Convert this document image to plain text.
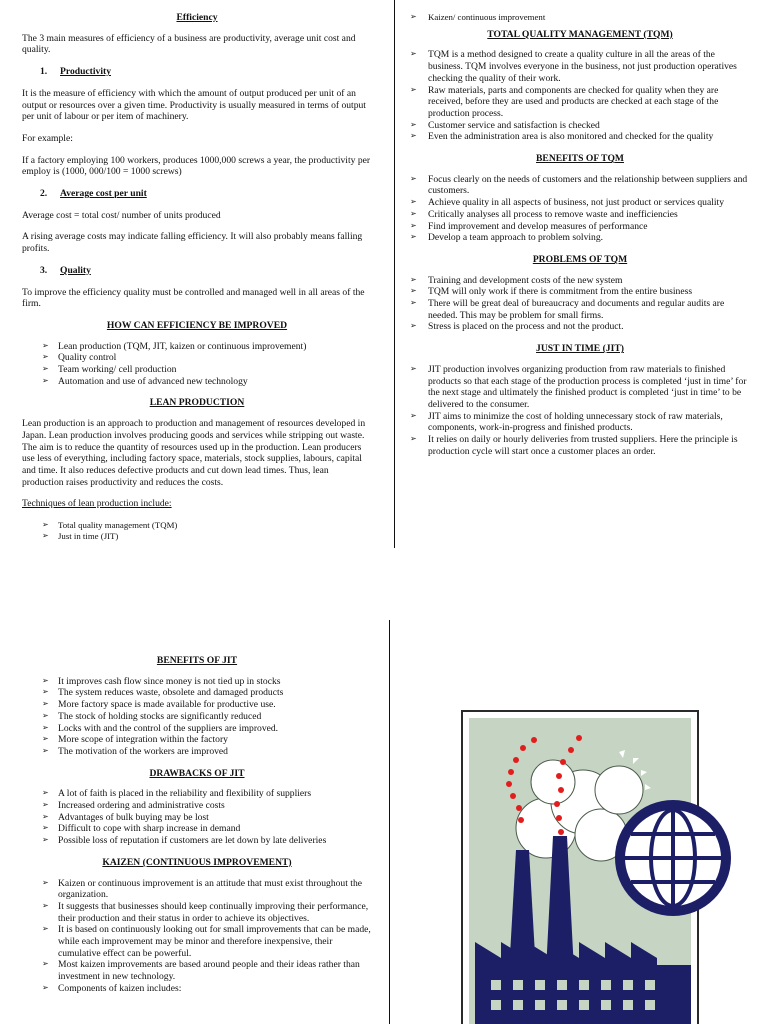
Efficiency

The 3 main measures of efficiency of a business are productivity, average unit cost and quality.

1. Productivity

It is the measure of efficiency with which the amount of output produced per unit of an output or resources over a given time. Productivity is usually measured in terms of output per unit of labour or per item of machinery.

For example:

If a factory employing 100 workers, produces 1000,000 screws a year, the productivity per employ is (1000, 000/100 = 1000 screws)

2. Average cost per unit

Average cost = total cost/ number of units produced

A rising average costs may indicate falling efficiency. It will also probably means falling profits.

3. Quality

To improve the efficiency quality must be controlled and managed well in all areas of the firm.

HOW CAN EFFICIENCY BE IMPROVED
➢ Lean production (TQM, JIT, kaizen or continuous improvement)
➢ Quality control
➢ Team working/ cell production
➢ Automation and use of advanced new technology
LEAN PRODUCTION

Lean production is an approach to production and management of resources developed in Japan. Lean production involves producing goods and services while stripping out waste. The aim is to reduce the quantity of resources used up in the production. Lean producers use less of everything, including factory space, materials, stock supplies, labours, capital and time. It also reduces defective products and cut down lead times. Thus, lean production raises productivity and reduces the costs.

Techniques of lean production include:

➢ Total quality management (TQM)
➢ Just in time (JIT)
➢ Kaizen/ continuous improvement
TOTAL QUALITY MANAGEMENT (TQM)
➢ TQM is a method designed to create a quality culture in all the areas of the business. TQM involves everyone in the business, not just production operatives checking the quality of their work.
➢ Raw materials, parts and components are checked for quality when they are received, before they are used and products are checked at each stage of the production process.
➢ Customer service and satisfaction is checked
➢ Even the administration area is also monitored and checked for the quality
BENEFITS OF TQM
➢ Focus clearly on the needs of customers and the relationship between suppliers and customers.
➢ Achieve quality in all aspects of business, not just product or services quality
➢ Critically analyses all process to remove waste and inefficiencies
➢ Find improvement and develop measures of performance
➢ Develop a team approach to problem solving.
PROBLEMS OF TQM
➢ Training and development costs of the new system
➢ TQM will only work if there is commitment from the entire business
➢ There will be great deal of bureaucracy and documents and regular audits are needed. This may be problem for small firms.
➢ Stress is placed on the process and not the product.
JUST IN TIME (JIT)
➢ JIT production involves organizing production from raw materials to finished products so that each stage of the production process is completed ‘just in time’ for the next stage and ultimately the finished product is completed ‘just in time’ to be delivered to the consumer.
➢ JIT aims to minimize the cost of holding unnecessary stock of raw materials, components, work-in-progress and finished products.
➢ It relies on daily or hourly deliveries from trusted suppliers. Here the principle is production cycle will start once a customer places an order.
BENEFITS OF JIT
➢ It improves cash flow since money is not tied up in stocks
➢ The system reduces waste, obsolete and damaged products
➢ More factory space is made available for productive use.
➢ The stock of holding stocks are significantly reduced
➢ Locks with and the control of the suppliers are improved.
➢ More scope of integration within the factory
➢ The motivation of the workers are improved
DRAWBACKS OF JIT
➢ A lot of faith is placed in the reliability and flexibility of suppliers
➢ Increased ordering and administrative costs
➢ Advantages of bulk buying may be lost
➢ Difficult to cope with sharp increase in demand
➢ Possible loss of reputation if customers are let down by late deliveries
KAIZEN (CONTINUOUS IMPROVEMENT)
➢ Kaizen or continuous improvement is an attitude that must exist throughout the organization.
➢ It suggests that businesses should keep continually improving their performance, their production and their status in order to achieve its objectives.
➢ It is based on continuously looking out for small improvements that can be made, while each improvement may be minor and therefore inexpensive, their cumulative effect can be powerful.
➢ Most kaizen improvements are based around people and their ideas rather than investment in new technology.
➢ Components of kaizen includes:
